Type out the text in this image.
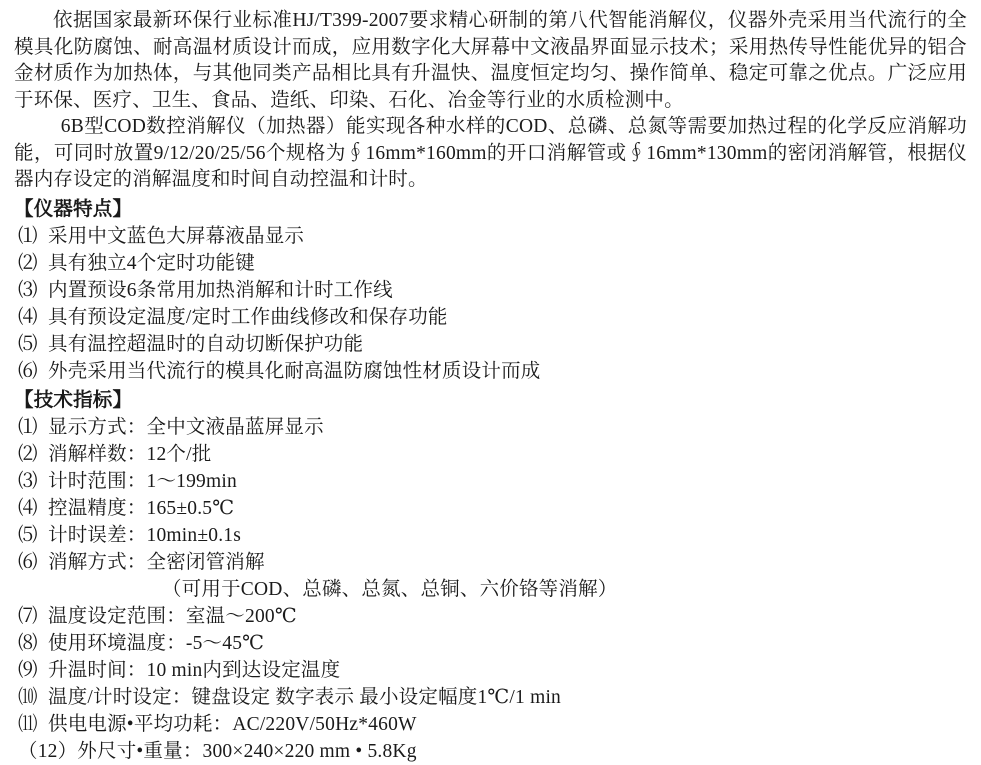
依据国家最新环保行业标准HJ/T399-2007要求精心研制的第八代智能消解仪，仪器外壳采用当代流行的全模具化防腐蚀、耐高温材质设计而成，应用数字化大屏幕中文液晶界面显示技术；采用热传导性能优异的铝合金材质作为加热体，与其他同类产品相比具有升温快、温度恒定均匀、操作简单、稳定可靠之优点。广泛应用于环保、医疗、卫生、食品、造纸、印染、石化、冶金等行业的水质检测中。

6B型COD数控消解仪（加热器）能实现各种水样的COD、总磷、总氮等需要加热过程的化学反应消解功能，可同时放置9/12/20/25/56个规格为∮16mm*160mm的开口消解管或∮16mm*130mm的密闭消解管，根据仪器内存设定的消解温度和时间自动控温和计时。

【仪器特点】
⑴ 采用中文蓝色大屏幕液晶显示
⑵ 具有独立4个定时功能键
⑶ 内置预设6条常用加热消解和计时工作线
⑷ 具有预设定温度/定时工作曲线修改和保存功能
⑸ 具有温控超温时的自动切断保护功能
⑹ 外壳采用当代流行的模具化耐高温防腐蚀性材质设计而成
【技术指标】
⑴ 显示方式：全中文液晶蓝屏显示
⑵ 消解样数：12个/批
⑶ 计时范围：1～199min
⑷ 控温精度：165±0.5℃
⑸ 计时误差：10min±0.1s
⑹ 消解方式：全密闭管消解
（可用于COD、总磷、总氮、总铜、六价铬等消解）
⑺ 温度设定范围：室温～200℃
⑻ 使用环境温度：-5～45℃
⑼ 升温时间：10 min内到达设定温度
⑽ 温度/计时设定：键盘设定 数字表示 最小设定幅度1℃/1 min
⑾ 供电电源•平均功耗：AC/220V/50Hz*460W
（12）外尺寸•重量：300×240×220 mm • 5.8Kg
